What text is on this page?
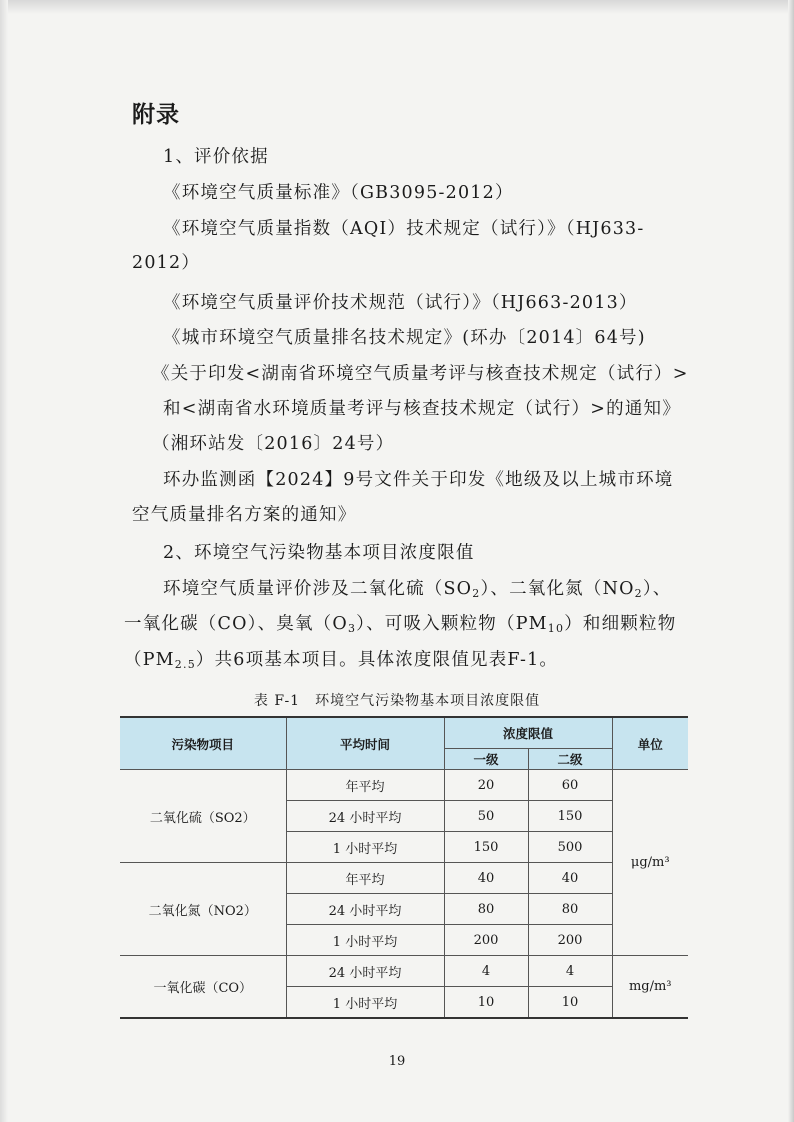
附录
1、评价依据
《环境空气质量标准》（GB3095-2012）
《环境空气质量指数（AQI）技术规定（试行）》（HJ633-
2012）
《环境空气质量评价技术规范（试行）》（HJ663-2013）
《城市环境空气质量排名技术规定》(环办〔2014〕64号)
《关于印发<湖南省环境空气质量考评与核查技术规定（试行）>
和<湖南省水环境质量考评与核查技术规定（试行）>的通知》
（湘环站发〔2016〕24号）
环办监测函【2024】9号文件关于印发《地级及以上城市环境
空气质量排名方案的通知》
2、环境空气污染物基本项目浓度限值
环境空气质量评价涉及二氧化硫$(SO_2)$、二氧化氮$(NO_2)$、
一氧化碳（CO）、臭氧$(O_3)$、可吸入颗粒物$(PM_{10})$和细颗粒物
$(PM_{2.5})$共6项基本项目。具体浓度限值见表F-1。
表 F-1　环境空气污染物基本项目浓度限值
污染物项目	平均时间	浓度限值		单位
		一级	二级	
二氧化硫（SO2）	年平均	20	60	μg/m³
	24 小时平均	50	150	
	1 小时平均	150	500	
二氧化氮（NO2）	年平均	40	40	
	24 小时平均	80	80	
	1 小时平均	200	200	
一氧化碳（CO）	24 小时平均	4	4	mg/m³
	1 小时平均	10	10	
19
